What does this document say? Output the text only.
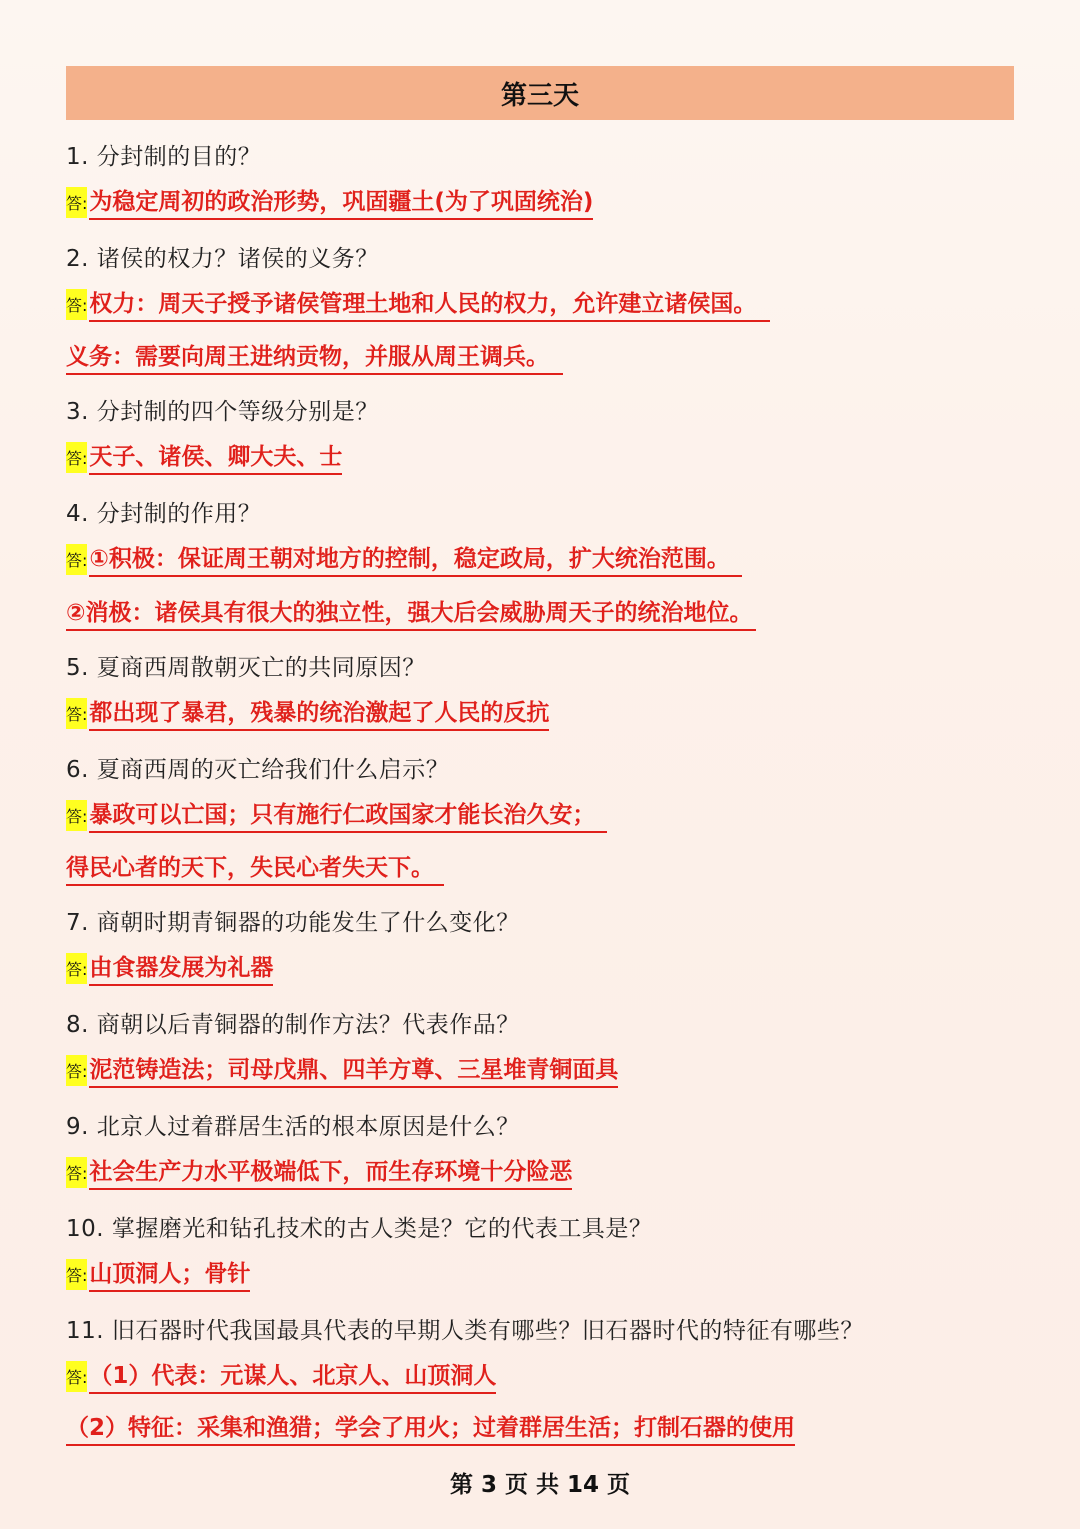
第三天
1. 分封制的目的？
答:为稳定周初的政治形势，巩固疆土(为了巩固统治)
2. 诸侯的权力？诸侯的义务？
答:权力：周天子授予诸侯管理土地和人民的权力，允许建立诸侯国。
义务：需要向周王进纳贡物，并服从周王调兵。
3. 分封制的四个等级分别是？
答:天子、诸侯、卿大夫、士
4. 分封制的作用？
答:①积极：保证周王朝对地方的控制，稳定政局，扩大统治范围。
②消极：诸侯具有很大的独立性，强大后会威胁周天子的统治地位。
5. 夏商西周散朝灭亡的共同原因？
答:都出现了暴君，残暴的统治激起了人民的反抗
6. 夏商西周的灭亡给我们什么启示？
答:暴政可以亡国；只有施行仁政国家才能长治久安；
得民心者的天下，失民心者失天下。
7. 商朝时期青铜器的功能发生了什么变化？
答:由食器发展为礼器
8. 商朝以后青铜器的制作方法？代表作品？
答:泥范铸造法；司母戊鼎、四羊方尊、三星堆青铜面具
9. 北京人过着群居生活的根本原因是什么？
答:社会生产力水平极端低下，而生存环境十分险恶
10. 掌握磨光和钻孔技术的古人类是？它的代表工具是？
答:山顶洞人；骨针
11. 旧石器时代我国最具代表的早期人类有哪些？旧石器时代的特征有哪些？
答:（1）代表：元谋人、北京人、山顶洞人
（2）特征：采集和渔猎；学会了用火；过着群居生活；打制石器的使用
第 3 页 共 14 页
